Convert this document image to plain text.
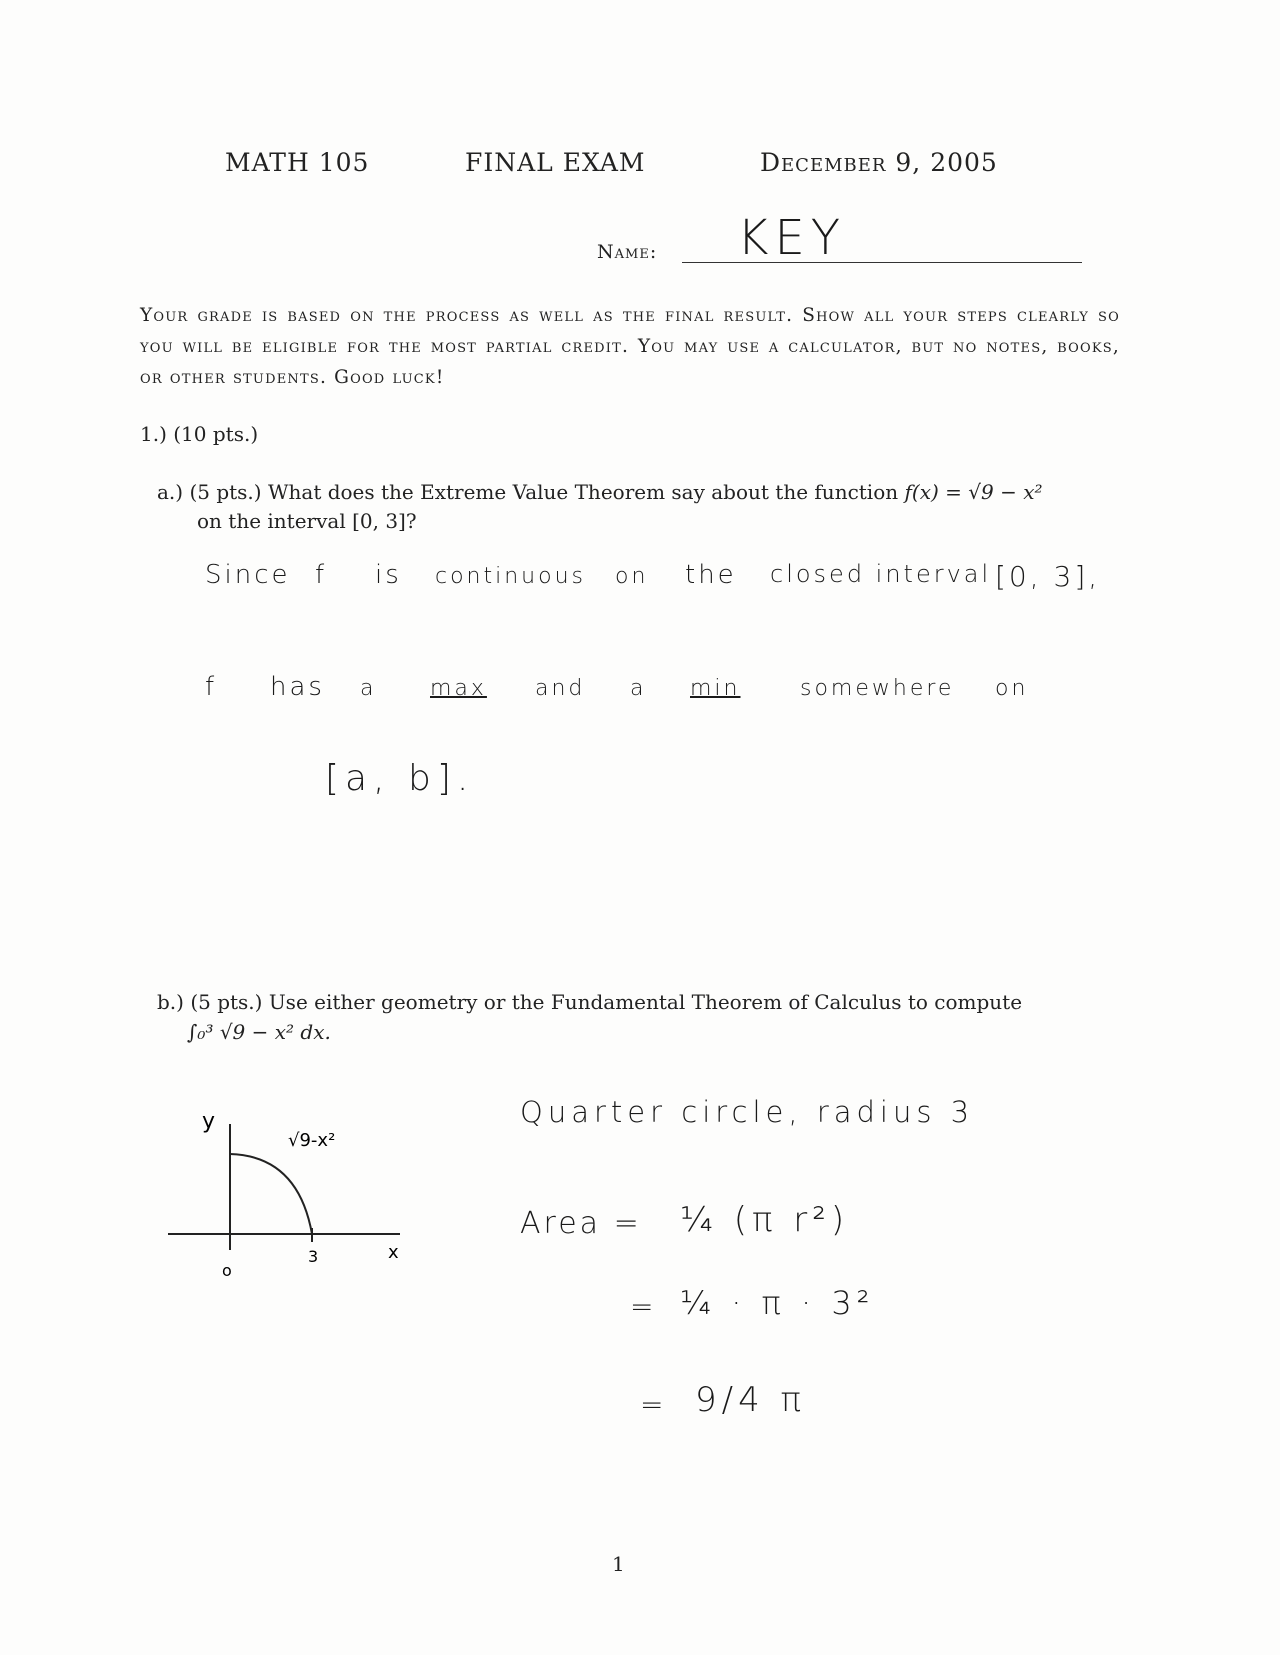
MATH 105	FINAL EXAM	December 9, 2005
Name: KEY
Your grade is based on the process as well as the final result. Show all your steps clearly so you will be eligible for the most partial credit. You may use a calculator, but no notes, books, or other students. Good luck!
1.) (10 pts.)
a.) (5 pts.) What does the Extreme Value Theorem say about the function f(x) = √9 − x²
on the interval [0, 3]?
Since f is continuous on the closed interval [0, 3],
f has a max and a min	somewhere on
[a, b].
b.) (5 pts.) Use either geometry or the Fundamental Theorem of Calculus to compute
∫₀³ √9 − x² dx.
y
x
√9-x²
o
3
Quarter circle, radius 3
Area = ¼ (π r²)
= ¼ · π · 3²
= 9/4 π
1
